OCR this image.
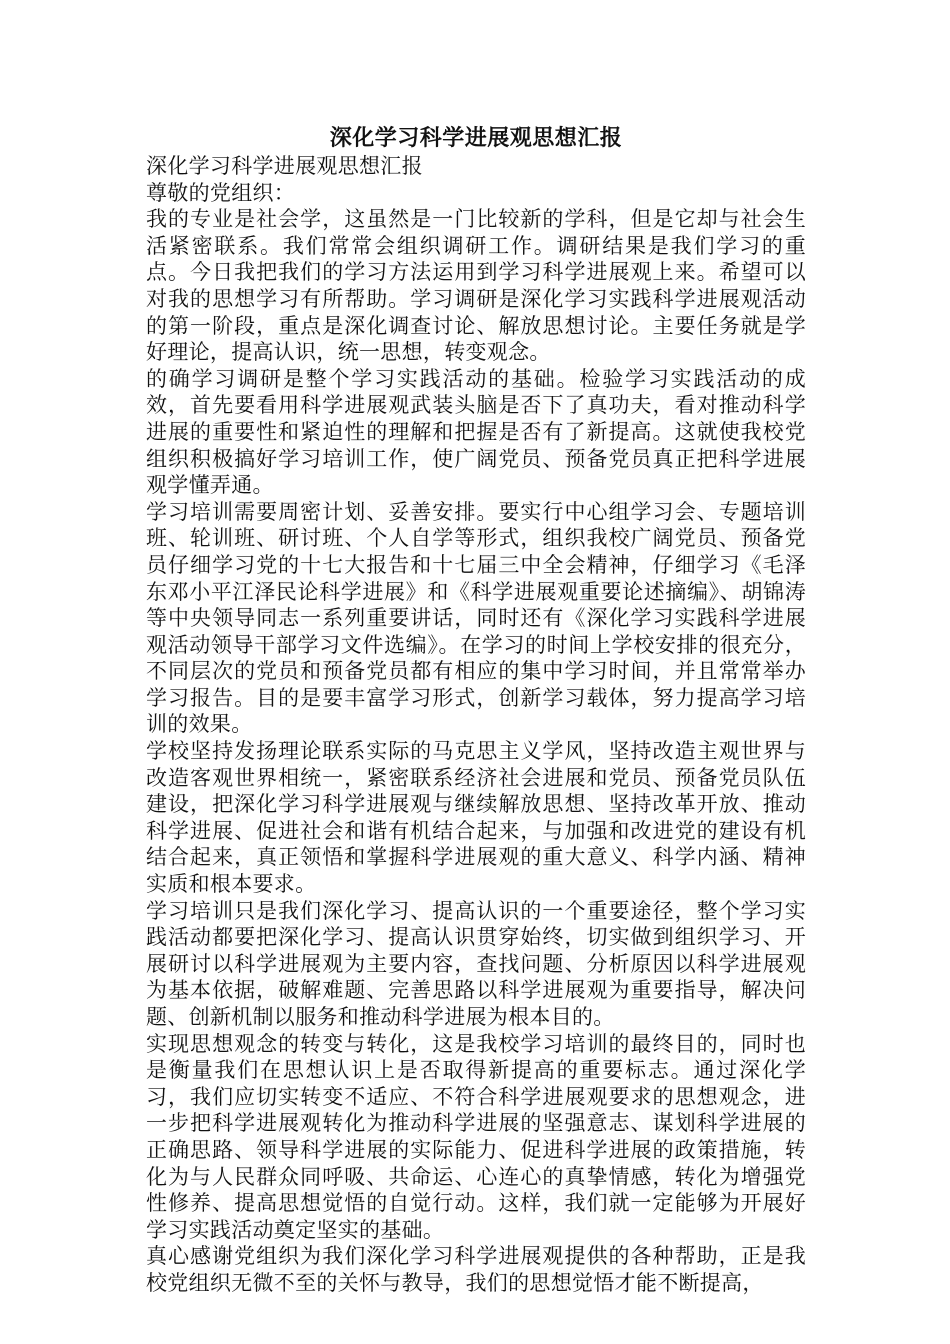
深化学习科学进展观思想汇报

深化学习科学进展观思想汇报

尊敬的党组织：

我的专业是社会学，这虽然是一门比较新的学科，但是它却与社会生活紧密联系。我们常常会组织调研工作。调研结果是我们学习的重点。今日我把我们的学习方法运用到学习科学进展观上来。希望可以对我的思想学习有所帮助。学习调研是深化学习实践科学进展观活动的第一阶段，重点是深化调查讨论、解放思想讨论。主要任务就是学好理论，提高认识，统一思想，转变观念。

的确学习调研是整个学习实践活动的基础。检验学习实践活动的成效，首先要看用科学进展观武装头脑是否下了真功夫，看对推动科学进展的重要性和紧迫性的理解和把握是否有了新提高。这就使我校党组织积极搞好学习培训工作，使广阔党员、预备党员真正把科学进展观学懂弄通。

学习培训需要周密计划、妥善安排。要实行中心组学习会、专题培训班、轮训班、研讨班、个人自学等形式，组织我校广阔党员、预备党员仔细学习党的十七大报告和十七届三中全会精神，仔细学习《毛泽东邓小平江泽民论科学进展》和《科学进展观重要论述摘编》、胡锦涛等中央领导同志一系列重要讲话，同时还有《深化学习实践科学进展观活动领导干部学习文件选编》。在学习的时间上学校安排的很充分，不同层次的党员和预备党员都有相应的集中学习时间，并且常常举办学习报告。目的是要丰富学习形式，创新学习载体，努力提高学习培训的效果。

学校坚持发扬理论联系实际的马克思主义学风，坚持改造主观世界与改造客观世界相统一，紧密联系经济社会进展和党员、预备党员队伍建设，把深化学习科学进展观与继续解放思想、坚持改革开放、推动科学进展、促进社会和谐有机结合起来，与加强和改进党的建设有机结合起来，真正领悟和掌握科学进展观的重大意义、科学内涵、精神实质和根本要求。

学习培训只是我们深化学习、提高认识的一个重要途径，整个学习实践活动都要把深化学习、提高认识贯穿始终，切实做到组织学习、开展研讨以科学进展观为主要内容，查找问题、分析原因以科学进展观为基本依据，破解难题、完善思路以科学进展观为重要指导，解决问题、创新机制以服务和推动科学进展为根本目的。

实现思想观念的转变与转化，这是我校学习培训的最终目的，同时也是衡量我们在思想认识上是否取得新提高的重要标志。通过深化学习，我们应切实转变不适应、不符合科学进展观要求的思想观念，进一步把科学进展观转化为推动科学进展的坚强意志、谋划科学进展的正确思路、领导科学进展的实际能力、促进科学进展的政策措施，转化为与人民群众同呼吸、共命运、心连心的真挚情感，转化为增强党性修养、提高思想觉悟的自觉行动。这样，我们就一定能够为开展好学习实践活动奠定坚实的基础。

真心感谢党组织为我们深化学习科学进展观提供的各种帮助，正是我校党组织无微不至的关怀与教导，我们的思想觉悟才能不断提高，
